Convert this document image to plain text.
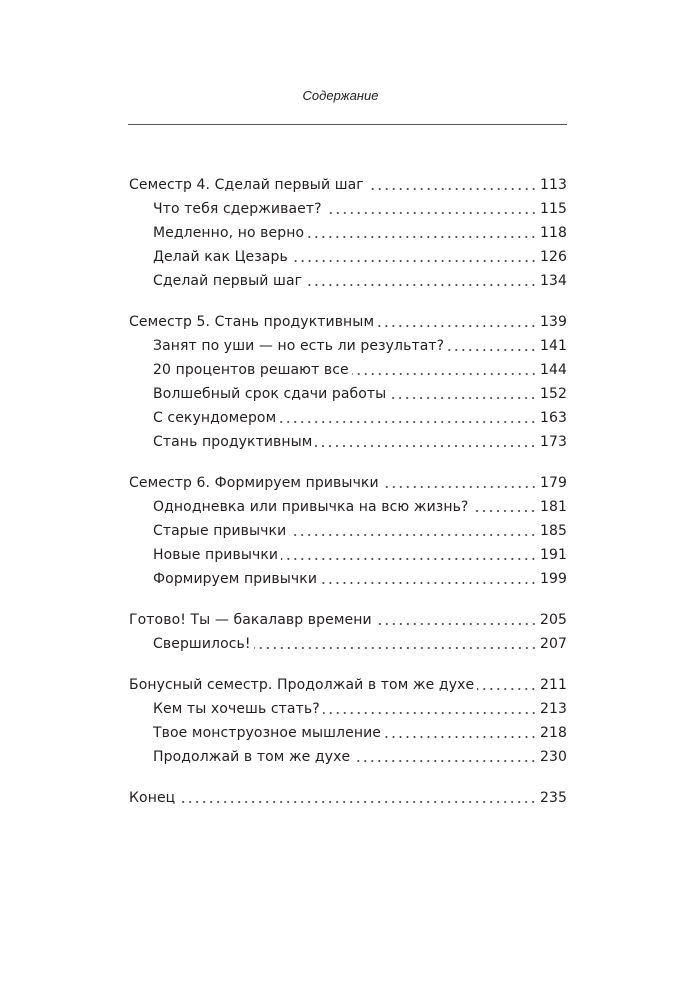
Содержание
Семестр 4. Сделай первый шаг	113
Что тебя сдерживает?	115
Медленно, но верно	118
Делай как Цезарь	126
Сделай первый шаг	134
Семестр 5. Стань продуктивным	139
Занят по уши — но есть ли результат?	141
20 процентов решают все	144
Волшебный срок сдачи работы	152
С секундомером	163
Стань продуктивным	173
Семестр 6. Формируем привычки	179
Однодневка или привычка на всю жизнь?	181
Старые привычки	185
Новые привычки	191
Формируем привычки	199
Готово! Ты — бакалавр времени	205
Свершилось!	207
Бонусный семестр. Продолжай в том же духе	211
Кем ты хочешь стать?	213
Твое монструозное мышление	218
Продолжай в том же духе	230
Конец	235
